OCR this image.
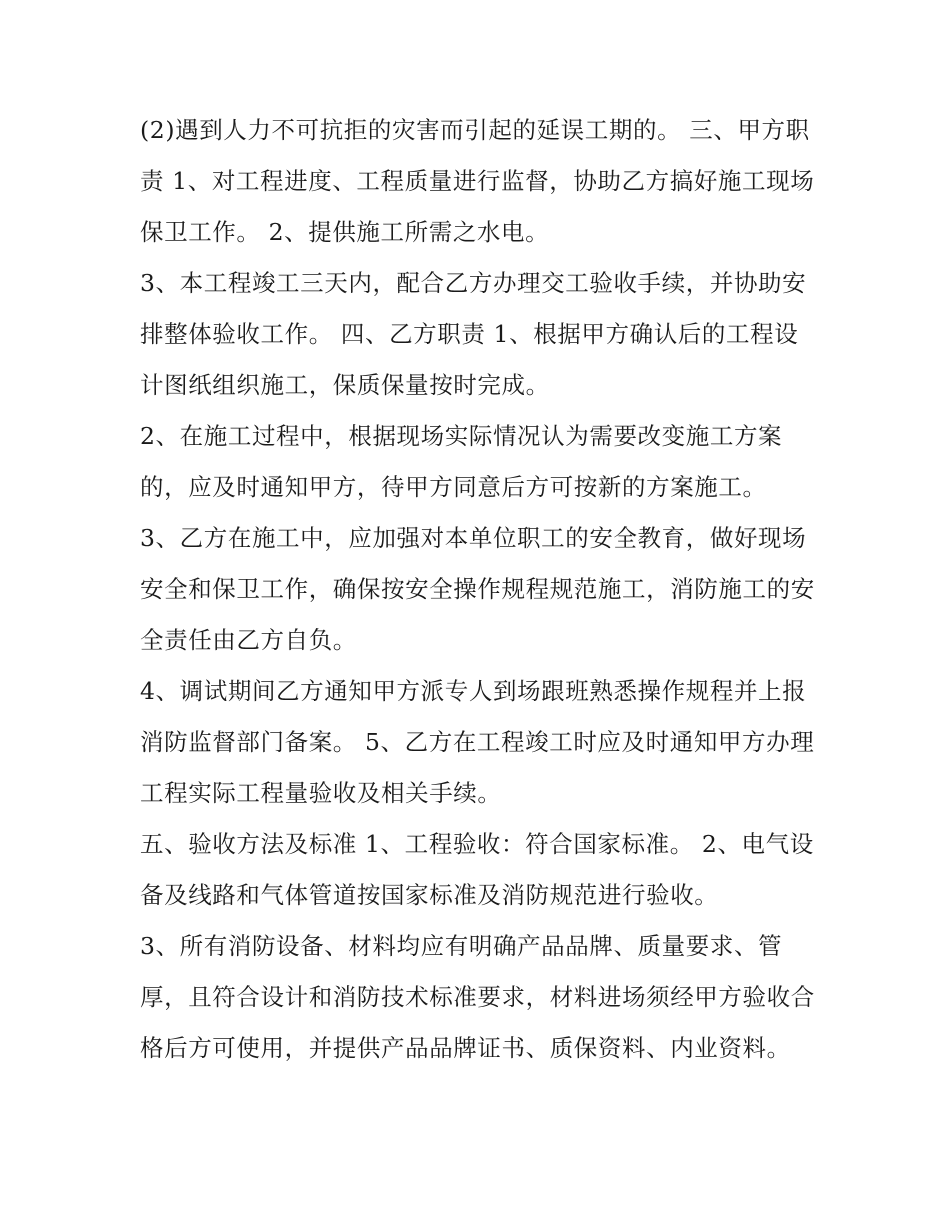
(2)遇到人力不可抗拒的灾害而引起的延误工期的。 三、甲方职责 1、对工程进度、工程质量进行监督，协助乙方搞好施工现场保卫工作。 2、提供施工所需之水电。

3、本工程竣工三天内，配合乙方办理交工验收手续，并协助安排整体验收工作。 四、乙方职责 1、根据甲方确认后的工程设计图纸组织施工，保质保量按时完成。

2、在施工过程中，根据现场实际情况认为需要改变施工方案的，应及时通知甲方，待甲方同意后方可按新的方案施工。

3、乙方在施工中，应加强对本单位职工的安全教育，做好现场安全和保卫工作，确保按安全操作规程规范施工，消防施工的安全责任由乙方自负。

4、调试期间乙方通知甲方派专人到场跟班熟悉操作规程并上报消防监督部门备案。 5、乙方在工程竣工时应及时通知甲方办理工程实际工程量验收及相关手续。

五、验收方法及标准 1、工程验收：符合国家标准。 2、电气设备及线路和气体管道按国家标准及消防规范进行验收。

3、所有消防设备、材料均应有明确产品品牌、质量要求、管厚，且符合设计和消防技术标准要求，材料进场须经甲方验收合格后方可使用，并提供产品品牌证书、质保资料、内业资料。
